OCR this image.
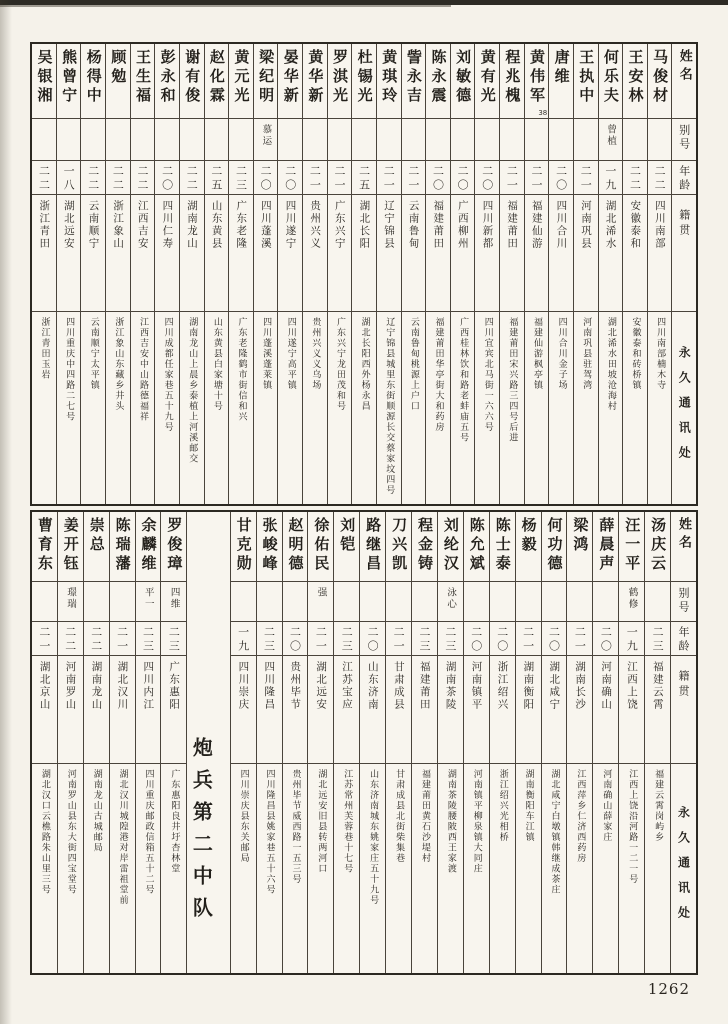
姓名
别号
年龄
籍贯
永久通讯处
马俊材
二二
四川南部
四川南部楠木寺
王安林
二二
安徽泰和
安徽泰和砖桥镇
何乐夫
曾植
一九
湖北浠水
湖北浠水田坡沧海村
王执中
二一
河南巩县
河南巩县驻驾湾
唐维
二〇
四川合川
四川合川金子场
黄伟军
38
二一
福建仙游
福建仙游枫亭镇
程兆槐
二一
福建莆田
福建莆田宋兴路三四号后进
黄有光
二〇
四川新都
四川宜宾北马街一六六号
刘敏德
二〇
广西柳州
广西桂林饮和路老蚌庙五号
陈永震
二〇
福建莆田
福建莆田华亭街大和药房
訾永吉
二一
云南鲁甸
云南鲁甸桃源上户口
黄琪玲
二一
辽宁锦县
辽宁锦县城里东街顺源长交蔡家坟四号
杜锡光
二五
湖北长阳
湖北长阳西外杨永昌
罗淇光
二一
广东兴宁
广东兴宁龙田茂和号
黄华新
二一
贵州兴义
贵州兴义义乌场
晏华新
二〇
四川遂宁
四川遂宁高平镇
梁纪明
慕运
二〇
四川蓬溪
四川蓬溪蓬莱镇
黄元光
二三
广东老隆
广东老隆鹤市街信和兴
赵化霖
二五
山东黄县
山东黄县白家塘十号
谢有俊
二二
湖南龙山
湖南龙山上晨乡泰植上河溪邮交
彭永和
二〇
四川仁寿
四川成都任家巷五十九号
王生福
二二
江西吉安
江西吉安中山路德福祥
顾勉
二二
浙江象山
浙江象山东藏乡井头
杨得中
二二
云南顺宁
云南顺宁太平镇
熊曾宁
一八
湖北远安
四川重庆中四路二七号
吴银湘
二二
浙江青田
浙江青田玉岩
姓名
别号
年龄
籍贯
永久通讯处
汤庆云
二三
福建云霄
福建云霄岗屿乡
汪一平
鹤修
一九
江西上饶
江西上饶沿河路一二一号
薛晨声
二〇
河南确山
河南确山薛家庄
梁鸿
二一
湖南长沙
江西萍乡仁济西药房
何功德
二〇
湖北咸宁
湖北咸宁白墩镇韩继成茶庄
杨毅
二一
湖南衡阳
湖南衡阳车江镇
陈士泰
二〇
浙江绍兴
浙江绍兴光相桥
陈允斌
二〇
河南镇平
河南镇平柳泉镇大同庄
刘纶汉
泳心
二三
湖南茶陵
湖南茶陵腰陂西王家渡
程金铸
二三
福建莆田
福建莆田黄石沙堤村
刀兴凯
二一
甘肃成县
甘肃成县北街柴集巷
路继昌
二〇
山东济南
山东济南城东姚家庄五十九号
刘铠
二三
江苏宝应
江苏常州芙蓉巷十七号
徐佑民
强
二一
湖北远安
湖北远安旧县转两河口
赵明德
二〇
贵州毕节
贵州毕节威西路一五三号
张峻峰
二三
四川隆昌
四川隆昌县姚家巷五十六号
甘克勋
一九
四川崇庆
四川崇庆县东关邮局
炮兵第二中队
罗俊璋
四维
二三
广东惠阳
广东惠阳良井圩杏林堂
余麟维
平一
二三
四川内江
四川重庆邮政信箱五十二号
陈瑞藩
二一
湖北汉川
湖北汉川城隍港对岸雷祖堂前
崇总
二二
湖南龙山
湖南龙山古城邮局
姜开钰
璟瑞
二二
河南罗山
河南罗山县东大街四宝堂号
曹育东
二一
湖北京山
湖北汉口云樵路朱山里三号
1262
